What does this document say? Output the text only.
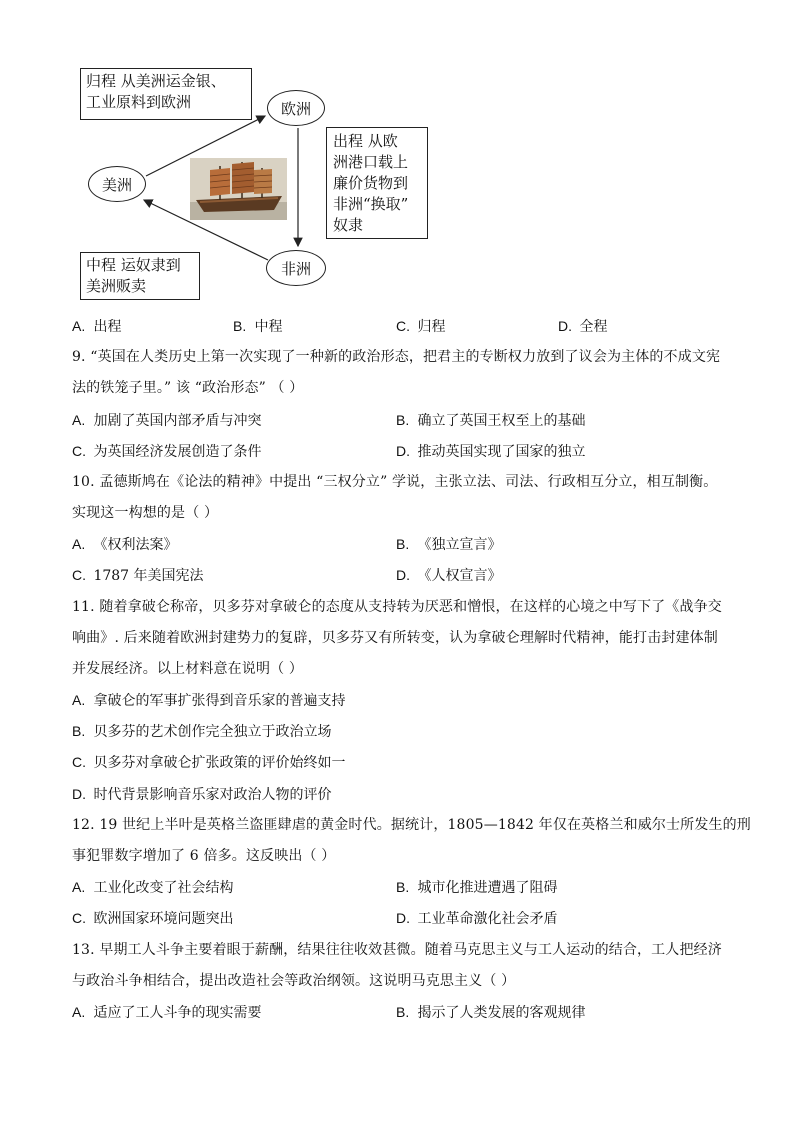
归程 从美洲运金银、
工业原料到欧洲	欧洲
美洲
非洲
出程 从欧
洲港口载上
廉价货物到
非洲“换取”
奴隶
中程 运奴隶到
美洲贩卖
A. 出程	B. 中程	C. 归程	D. 全程
9. “英国在人类历史上第一次实现了一种新的政治形态，把君主的专断权力放到了议会为主体的不成文宪
法的铁笼子里。” 该 “政治形态” （ ）
A. 加剧了英国内部矛盾与冲突	B. 确立了英国王权至上的基础
C. 为英国经济发展创造了条件	D. 推动英国实现了国家的独立
10. 孟德斯鸠在《论法的精神》中提出 “三权分立” 学说，主张立法、司法、行政相互分立，相互制衡。
实现这一构想的是（ ）
A. 《权利法案》	B. 《独立宣言》
C. 1787 年美国宪法	D. 《人权宣言》
11. 随着拿破仑称帝，贝多芬对拿破仑的态度从支持转为厌恶和憎恨，在这样的心境之中写下了《战争交
响曲》. 后来随着欧洲封建势力的复辟，贝多芬又有所转变，认为拿破仑理解时代精神，能打击封建体制
并发展经济。以上材料意在说明（ ）
A. 拿破仑的军事扩张得到音乐家的普遍支持
B. 贝多芬的艺术创作完全独立于政治立场
C. 贝多芬对拿破仑扩张政策的评价始终如一
D. 时代背景影响音乐家对政治人物的评价
12. 19 世纪上半叶是英格兰盗匪肆虐的黄金时代。据统计，1805—1842 年仅在英格兰和威尔士所发生的刑
事犯罪数字增加了 6 倍多。这反映出（ ）
A. 工业化改变了社会结构	B. 城市化推进遭遇了阻碍
C. 欧洲国家环境问题突出	D. 工业革命激化社会矛盾
13. 早期工人斗争主要着眼于薪酬，结果往往收效甚微。随着马克思主义与工人运动的结合，工人把经济
与政治斗争相结合，提出改造社会等政治纲领。这说明马克思主义（ ）
A. 适应了工人斗争的现实需要	B. 揭示了人类发展的客观规律
